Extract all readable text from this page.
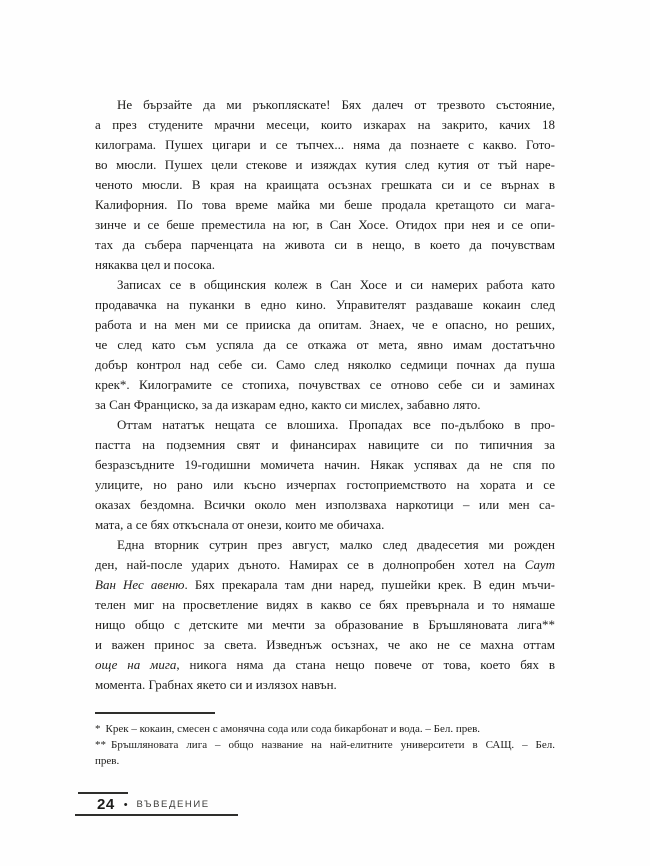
Не бързайте да ми ръкопляскате! Бях далеч от трезвото състояние,
а през студените мрачни месеци, които изкарах на закрито, качих 18
килограма. Пушех цигари и се тъпчех... няма да познаете с какво. Гото-
во мюсли. Пушех цели стекове и изяждах кутия след кутия от тъй наре-
ченото мюсли. В края на краищата осъзнах грешката си и се върнах в
Калифорния. По това време майка ми беше продала кретащото си мага-
зинче и се беше преместила на юг, в Сан Хосе. Отидох при нея и се опи-
тах да събера парченцата на живота си в нещо, в което да почувствам
някаква цел и посока.
Записах се в общинския колеж в Сан Хосе и си намерих работа като
продавачка на пуканки в едно кино. Управителят раздаваше кокаин след
работа и на мен ми се прииска да опитам. Знаех, че е опасно, но реших,
че след като съм успяла да се откажа от мета, явно имам достатъчно
добър контрол над себе си. Само след няколко седмици почнах да пуша
крек*. Килограмите се стопиха, почувствах се отново себе си и заминах
за Сан Франциско, за да изкарам едно, както си мислех, забавно лято.
Оттам нататък нещата се влошиха. Пропадах все по-дълбоко в про-
пастта на подземния свят и финансирах навиците си по типичния за
безразсъдните 19-годишни момичета начин. Някак успявах да не спя по
улиците, но рано или късно изчерпах гостоприемството на хората и се
оказах бездомна. Всички около мен използваха наркотици – или мен са-
мата, а се бях откъснала от онези, които ме обичаха.
Една вторник сутрин през август, малко след двадесетия ми рожден
ден, най-после ударих дъното. Намирах се в долнопробен хотел на Саут
Ван Нес авеню. Бях прекарала там дни наред, пушейки крек. В един мъчи-
телен миг на просветление видях в какво се бях превърнала и то нямаше
нищо общо с детските ми мечти за образование в Бръшляновата лига**
и важен принос за света. Изведнъж осъзнах, че ако не се махна оттам
още на мига, никога няма да стана нещо повече от това, което бях в
момента. Грабнах якето си и излязох навън.
* Крек – кокаин, смесен с амонячна сода или сода бикарбонат и вода. – Бел. прев.
** Бръшляновата лига – общо название на най-елитните университети в САЩ. – Бел.
прев.
24 • ВЪВЕДЕНИЕ
